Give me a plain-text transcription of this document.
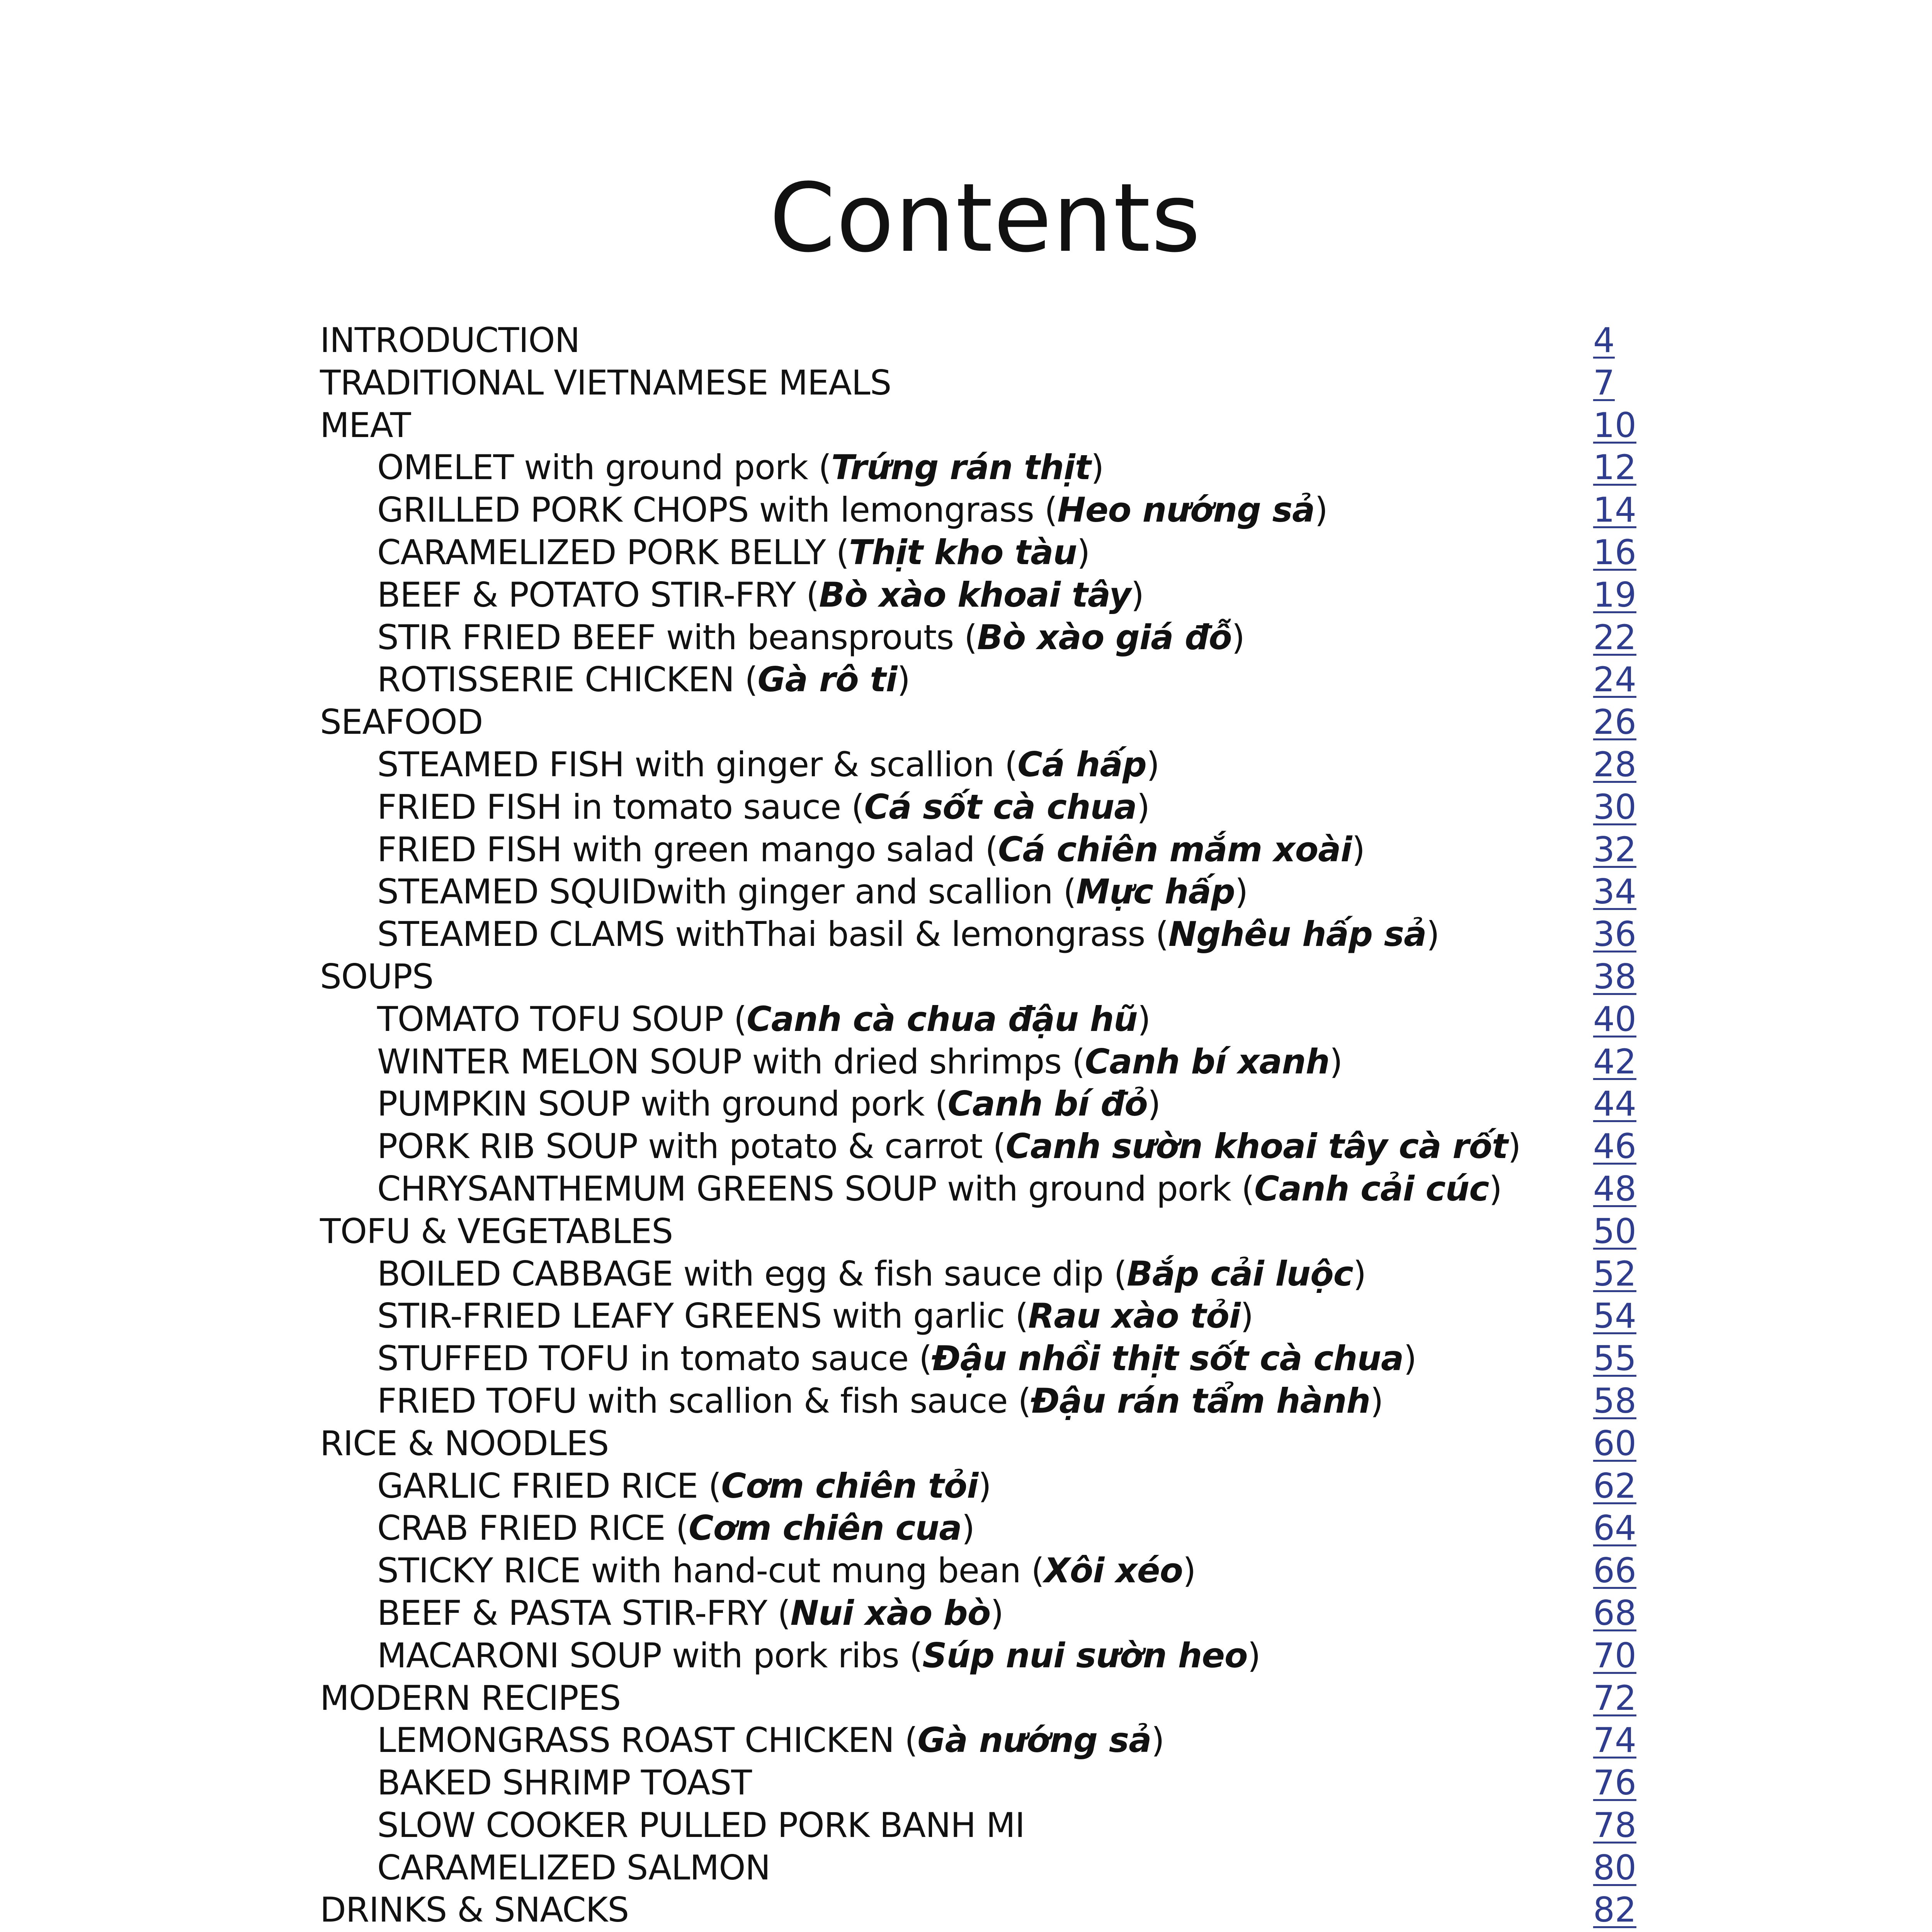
Contents
INTRODUCTION	4
TRADITIONAL VIETNAMESE MEALS	7
MEAT	10
OMELET with ground pork (Trứng rán thịt)	12
GRILLED PORK CHOPS with lemongrass (Heo nướng sả)	14
CARAMELIZED PORK BELLY (Thịt kho tàu)	16
BEEF & POTATO STIR-FRY (Bò xào khoai tây)	19
STIR FRIED BEEF with beansprouts (Bò xào giá đỗ)	22
ROTISSERIE CHICKEN (Gà rô ti)	24
SEAFOOD	26
STEAMED FISH with ginger & scallion (Cá hấp)	28
FRIED FISH in tomato sauce (Cá sốt cà chua)	30
FRIED FISH with green mango salad (Cá chiên mắm xoài)	32
STEAMED SQUIDwith ginger and scallion (Mực hấp)	34
STEAMED CLAMS withThai basil & lemongrass (Nghêu hấp sả)	36
SOUPS	38
TOMATO TOFU SOUP (Canh cà chua đậu hũ)	40
WINTER MELON SOUP with dried shrimps (Canh bí xanh)	42
PUMPKIN SOUP with ground pork (Canh bí đỏ)	44
PORK RIB SOUP with potato & carrot (Canh sườn khoai tây cà rốt) 46
CHRYSANTHEMUM GREENS SOUP with ground pork (Canh cải cúc)	48
TOFU & VEGETABLES	50
BOILED CABBAGE with egg & fish sauce dip (Bắp cải luộc)	52
STIR-FRIED LEAFY GREENS with garlic (Rau xào tỏi)	54
STUFFED TOFU in tomato sauce (Đậu nhồi thịt sốt cà chua)	55
FRIED TOFU with scallion & fish sauce (Đậu rán tẩm hành)	58
RICE & NOODLES	60
GARLIC FRIED RICE (Cơm chiên tỏi)	62
CRAB FRIED RICE (Cơm chiên cua)	64
STICKY RICE with hand-cut mung bean (Xôi xéo)	66
BEEF & PASTA STIR-FRY (Nui xào bò)	68
MACARONI SOUP with pork ribs (Súp nui sườn heo)	70
MODERN RECIPES	72
LEMONGRASS ROAST CHICKEN (Gà nướng sả)	74
BAKED SHRIMP TOAST	76
SLOW COOKER PULLED PORK BANH MI	78
CARAMELIZED SALMON	80
DRINKS & SNACKS	82
